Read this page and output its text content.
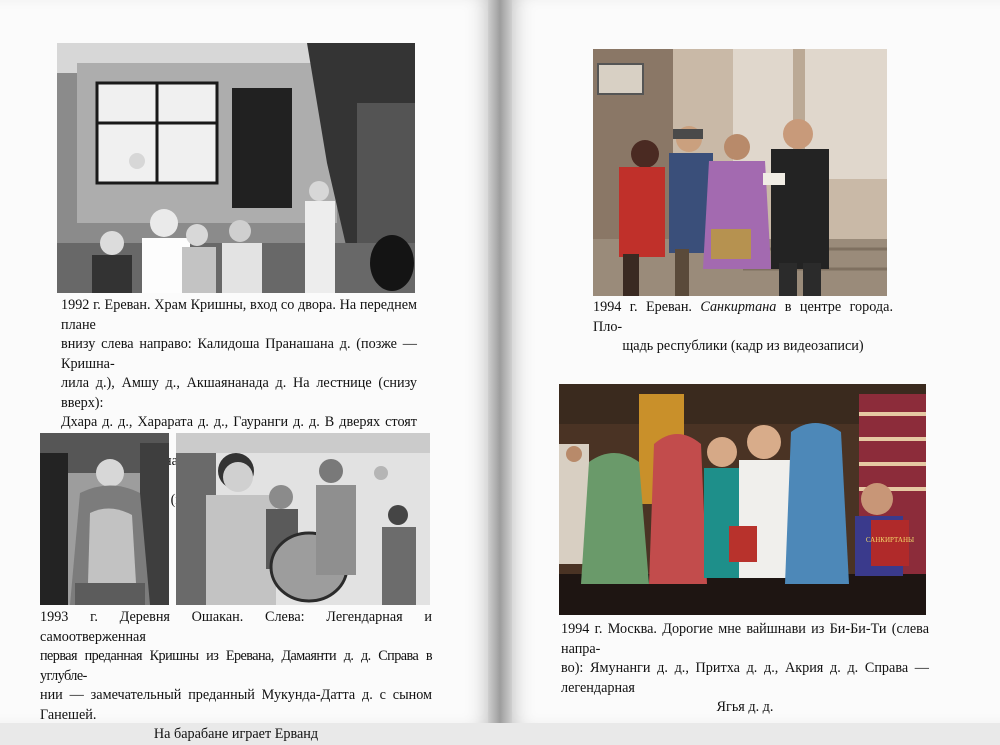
1992 г. Ереван. Храм Кришны, вход со двора. На переднем плане
внизу слева направо: Калидоша Пранашана д. (позже — Кришна-
лила д.), Амшу д., Акшаянанада д. На лестнице (снизу вверх):
Дхара д. д., Харарата д. д., Гауранги д. д. В дверях стоят

1993 г. Деревня Ошакан. Слева: Легендарная и самоотверженная
первая преданная Кришны из Еревана, Дамаянти д. д. Справа в углубле-
нии — замечательный преданный Мукунда-Датта д. с сыном Ганешей.
На барабане играет Ерванд

1994 г. Ереван. Санкиртана в центре города. Пло-
щадь республики (кадр из видеозаписи)

САНКИРТАНЫ

1994 г. Москва. Дорогие мне вайшнави из Би-Би-Ти (слева напра-
во): Ямунанги д. д., Притха д. д., Акрия д. д. Справа — легендарная
Ягья д. д.
